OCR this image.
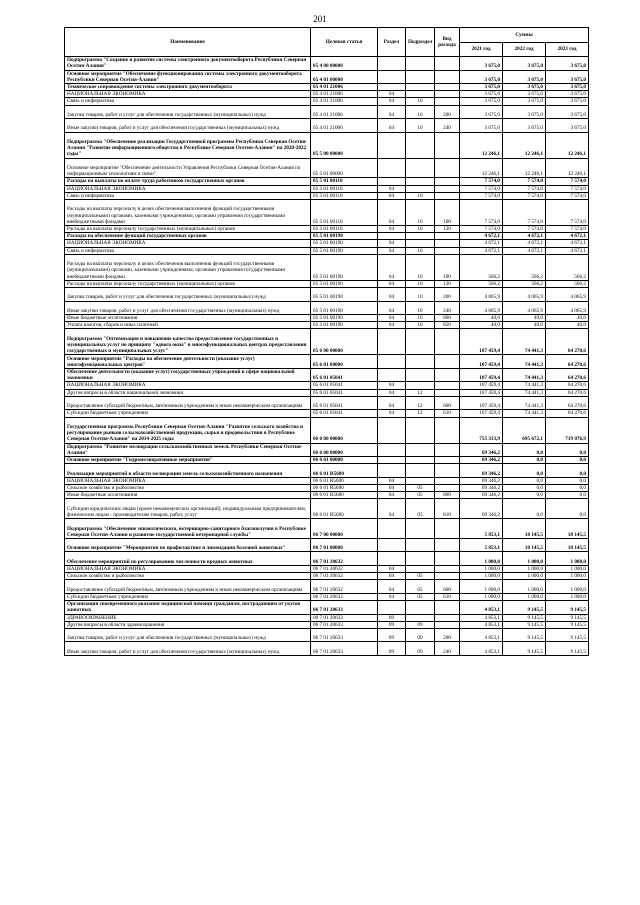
201
Наименование	Целевая статья	Раздел	Подраздел	Вид расхода	Суммы		
					2021 год	2022 год	2023 год
Подпрограмма "Создание и развитие системы электронного документооборота Республики Северная Осетия-Алания"	05 4 00 00000				3 675,0	3 675,0	3 675,0
Основное мероприятие "Обеспечение функционирования системы электронного документооборота Республики Северная Осетия-Алания"	05 4 01 00000				3 675,0	3 675,0	3 675,0
Техническое сопровождение системы электронного документооборота	05 4 01 21006				3 675,0	3 675,0	3 675,0
НАЦИОНАЛЬНАЯ ЭКОНОМИКА	05 4 01 21006	04			3 675,0	3 675,0	3 675,0
Связь и информатика	05 4 01 21006	04	10		3 675,0	3 675,0	3 675,0
Закупка товаров, работ и услуг для обеспечения государственных (муниципальных) нужд	05 4 01 21006	04	10	200	3 675,0	3 675,0	3 675,0
Иные закупки товаров, работ и услуг для обеспечения государственных (муниципальных) нужд	05 4 01 21006	04	10	240	3 675,0	3 675,0	3 675,0
Подпрограмма "Обеспечение реализации Государственной программы Республики Северная Осетия-Алания "Развитие информационного общества в Республике Северная Осетия-Алания" на 2020-2022 годы"	05 5 00 00000				12 246,1	12 246,1	12 246,1
Основное мероприятие "Обеспечение деятельности Управления Республики Северная Осетия-Алания по информационным технологиям и связи"	05 5 01 00000				12 246,1	12 246,1	12 246,1
Расходы на выплаты по оплате труда работников государственных органов	05 5 01 00110				7 574,0	7 574,0	7 574,0
НАЦИОНАЛЬНАЯ ЭКОНОМИКА	05 5 01 00110	04			7 574,0	7 574,0	7 574,0
Связь и информатика	05 5 01 00110	04	10		7 574,0	7 574,0	7 574,0
Расходы на выплаты персоналу в целях обеспечения выполнения функций государственными (муниципальными) органами, казенными учреждениями, органами управления государственными внебюджетными фондами	05 5 01 00110	04	10	100	7 574,0	7 574,0	7 574,0
Расходы на выплаты персоналу государственных (муниципальных) органов	05 5 01 00110	04	10	120	7 574,0	7 574,0	7 574,0
Расходы на обеспечение функций государственных органов	05 5 01 00190				4 672,1	4 672,1	4 672,1
НАЦИОНАЛЬНАЯ ЭКОНОМИКА	05 5 01 00190	04			4 672,1	4 672,1	4 672,1
Связь и информатика	05 5 01 00190	04	10		4 672,1	4 672,1	4 672,1
Расходы на выплаты персоналу в целях обеспечения выполнения функций государственными (муниципальными) органами, казенными учреждениями, органами управления государственными внебюджетными фондами	05 5 01 00190	04	10	100	566,2	566,2	566,2
Расходы на выплаты персоналу государственных (муниципальных) органов	05 5 01 00190	04	10	120	566,2	566,2	566,2
Закупка товаров, работ и услуг для обеспечения государственных (муниципальных) нужд	05 5 01 00190	04	10	200	4 065,9	4 065,9	4 065,9
Иные закупки товаров, работ и услуг для обеспечения государственных (муниципальных) нужд	05 5 01 00190	04	10	240	4 065,9	4 065,9	4 065,9
Иные бюджетные ассигнования	05 5 01 00190	04	10	800	40,0	40,0	40,0
Уплата налогов, сборов и иных платежей	05 5 01 00190	04	10	850	40,0	40,0	40,0
Подпрограмма "Оптимизация и повышение качества предоставления государственных и муниципальных услуг по принципу "одного окна" в многофункциональных центрах предоставления государственных и муниципальных услуг"	05 6 00 00000				107 459,4	74 441,3	64 270,6
Основное мероприятие "Расходы на обеспечение деятельности (оказание услуг) многофункциональных центров"	05 6 01 00000				107 459,4	74 441,3	64 270,6
Обеспечение деятельности (оказание услуг) государственных учреждений в сфере национальной экономики	05 6 01 05041				107 459,4	74 441,3	64 270,6
НАЦИОНАЛЬНАЯ ЭКОНОМИКА	05 6 01 05041	04			107 459,4	74 441,3	64 270,6
Другие вопросы в области национальной экономики	05 6 01 05041	04	12		107 459,4	74 441,3	64 270,6
Предоставление субсидий бюджетным, автономным учреждениям и иным некоммерческим организациям	05 6 01 05041	04	12	600	107 459,4	74 441,3	64 270,6
Субсидии бюджетным учреждениям	05 6 01 05041	04	12	610	107 459,4	74 441,3	64 270,6
Государственная программа Республики Северная Осетия-Алания "Развитие сельского хозяйства и регулирование рынков сельскохозяйственной продукции, сырья и продовольствия в Республике Северная Осетия-Алания" на 2014-2025 годы	06 0 00 00000				755 313,9	695 672,1	719 076,9
Подпрограмма "Развитие мелиорации сельскохозяйственных земель Республики Северная Осетия-Алания"	06 6 00 00000				69 346,2	0,0	0,0
Основное мероприятие "Гидромелиоративные мероприятия"	06 6 01 00000				69 346,2	0,0	0,0
Реализация мероприятий в области мелиорации земель сельскохозяйственного назначения	06 6 01 R5680				69 346,2	0,0	0,0
НАЦИОНАЛЬНАЯ ЭКОНОМИКА	06 6 01 R5680	04			69 346,2	0,0	0,0
Сельское хозяйство и рыболовство	06 6 01 R5680	04	05		69 346,2	0,0	0,0
Иные бюджетные ассигнования	06 6 01 R5680	04	05	800	69 346,2	0,0	0,0
Субсидии юридическим лицам (кроме некоммерческих организаций), индивидуальным предпринимателям, физическим лицам - производителям товаров, работ, услуг	06 6 01 R5680	04	05	810	69 346,2	0,0	0,0
Подпрограмма "Обеспечение эпизоотического, ветеринарно-санитарного благополучия в Республике Северная Осетия-Алания и развитие государственной ветеринарной службы"	06 7 00 00000				5 853,1	10 145,5	10 145,5
Основное мероприятие "Мероприятия по профилактике и ликвидации болезней животных"	06 7 01 00000				5 853,1	10 145,5	10 145,5
Обеспечение мероприятий по регулированию численности вредных животных	06 7 01 20632				1 000,0	1 000,0	1 000,0
НАЦИОНАЛЬНАЯ ЭКОНОМИКА	06 7 01 20632	04			1 000,0	1 000,0	1 000,0
Сельское хозяйство и рыболовство	06 7 01 20632	04	05		1 000,0	1 000,0	1 000,0
Предоставление субсидий бюджетным, автономным учреждениям и иным некоммерческим организациям	06 7 01 20632	04	05	600	1 000,0	1 000,0	1 000,0
Субсидии бюджетным учреждениям	06 7 01 20632	04	05	610	1 000,0	1 000,0	1 000,0
Организация своевременного оказания медицинской помощи гражданам, пострадавшим от укусов животных	06 7 01 20633				4 853,1	9 145,5	9 145,5
ЗДРАВООХРАНЕНИЕ	06 7 01 20633	09			4 853,1	9 145,5	9 145,5
Другие вопросы в области здравоохранения	06 7 01 20633	09	09		4 853,1	9 145,5	9 145,5
Закупка товаров, работ и услуг для обеспечения государственных (муниципальных) нужд	06 7 01 20633	09	09	200	4 853,1	9 145,5	9 145,5
Иные закупки товаров, работ и услуг для обеспечения государственных (муниципальных) нужд	06 7 01 20633	09	09	240	4 853,1	9 145,5	9 145,5
